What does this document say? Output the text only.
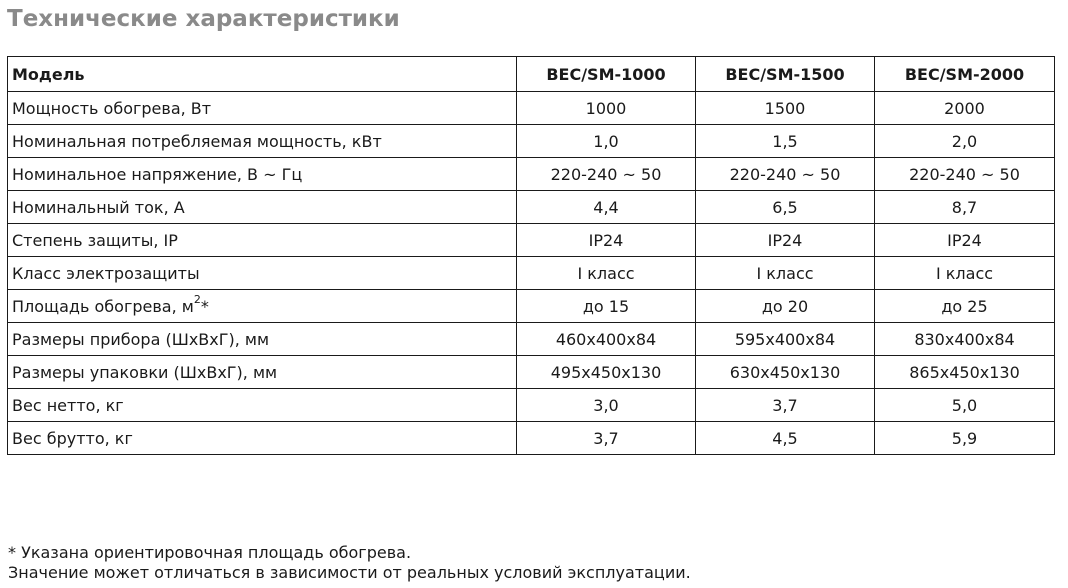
Технические характеристики
Модель	BEC/SM-1000	BEC/SM-1500	BEC/SM-2000
Мощность обогрева, Вт	1000	1500	2000
Номинальная потребляемая мощность, кВт	1,0	1,5	2,0
Номинальное напряжение, В ~ Гц	220-240 ~ 50	220-240 ~ 50	220-240 ~ 50
Номинальный ток, А	4,4	6,5	8,7
Степень защиты, IP	IP24	IP24	IP24
Класс электрозащиты	I класс	I класс	I класс
Площадь обогрева, $м^2*$	до 15	до 20	до 25
Размеры прибора (ШхВхГ), мм	460x400x84	595x400x84	830x400x84
Размеры упаковки (ШхВхГ), мм	495x450x130	630x450x130	865x450x130
Вес нетто, кг	3,0	3,7	5,0
Вес брутто, кг	3,7	4,5	5,9

* Указана ориентировочная площадь обогрева.

Значение может отличаться в зависимости от реальных условий эксплуатации.
